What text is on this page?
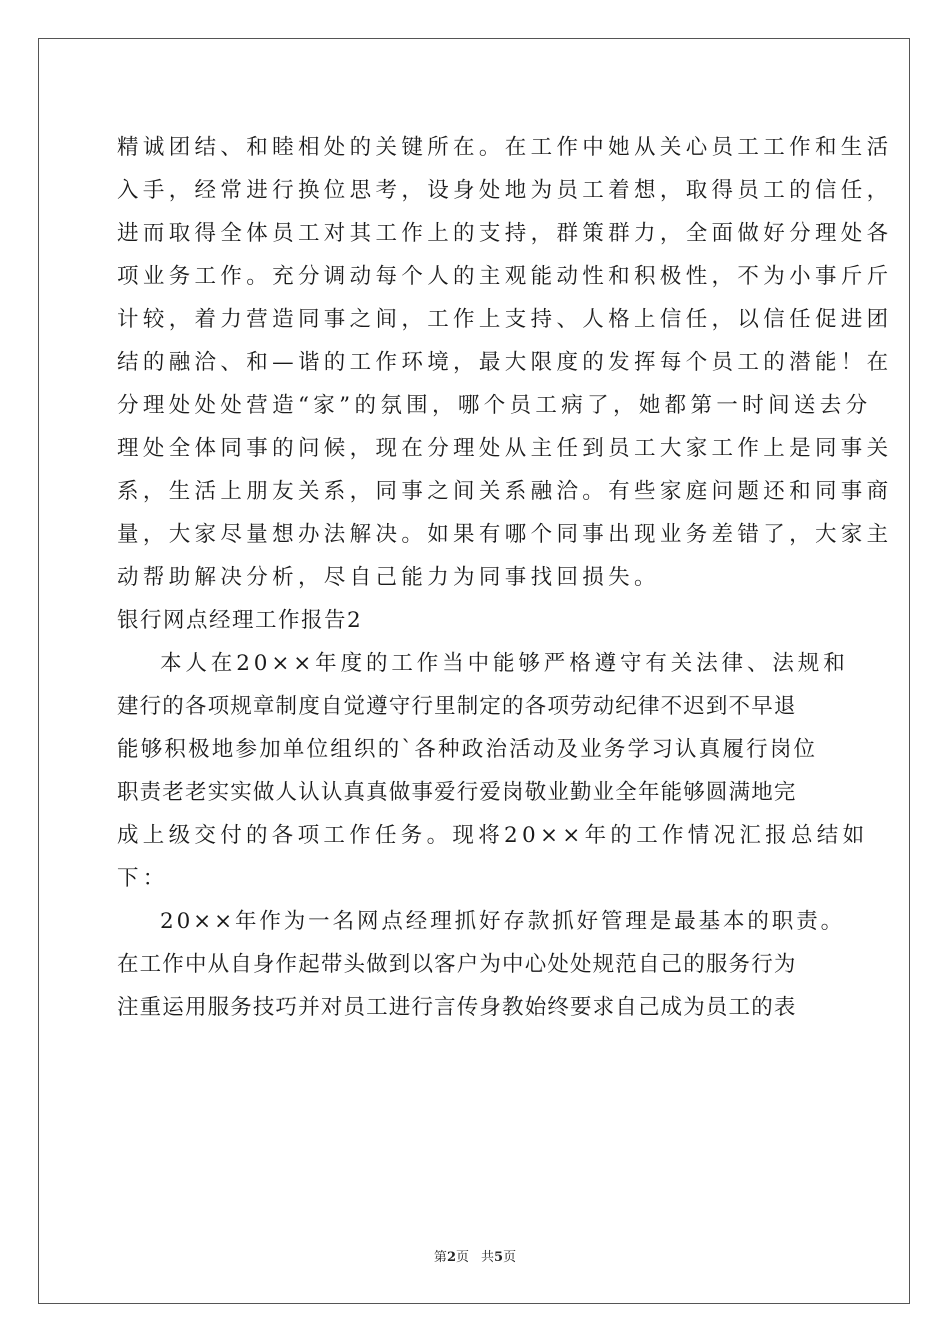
精诚团结、和睦相处的关键所在。在工作中她从关心员工工作和生活
入手，经常进行换位思考，设身处地为员工着想，取得员工的信任，
进而取得全体员工对其工作上的支持，群策群力，全面做好分理处各
项业务工作。充分调动每个人的主观能动性和积极性，不为小事斤斤
计较，着力营造同事之间，工作上支持、人格上信任，以信任促进团
结的融洽、和—谐的工作环境，最大限度的发挥每个员工的潜能！在
分理处处处营造“家”的氛围，哪个员工病了，她都第一时间送去分
理处全体同事的问候，现在分理处从主任到员工大家工作上是同事关
系，生活上朋友关系，同事之间关系融洽。有些家庭问题还和同事商
量，大家尽量想办法解决。如果有哪个同事出现业务差错了，大家主
动帮助解决分析，尽自己能力为同事找回损失。
银行网点经理工作报告2
本人在20××年度的工作当中能够严格遵守有关法律、法规和
建行的各项规章制度自觉遵守行里制定的各项劳动纪律不迟到不早退
能够积极地参加单位组织的`各种政治活动及业务学习认真履行岗位
职责老老实实做人认认真真做事爱行爱岗敬业勤业全年能够圆满地完
成上级交付的各项工作任务。现将20××年的工作情况汇报总结如
下：
20××年作为一名网点经理抓好存款抓好管理是最基本的职责。
在工作中从自身作起带头做到以客户为中心处处规范自己的服务行为
注重运用服务技巧并对员工进行言传身教始终要求自己成为员工的表
第2页 共5页
